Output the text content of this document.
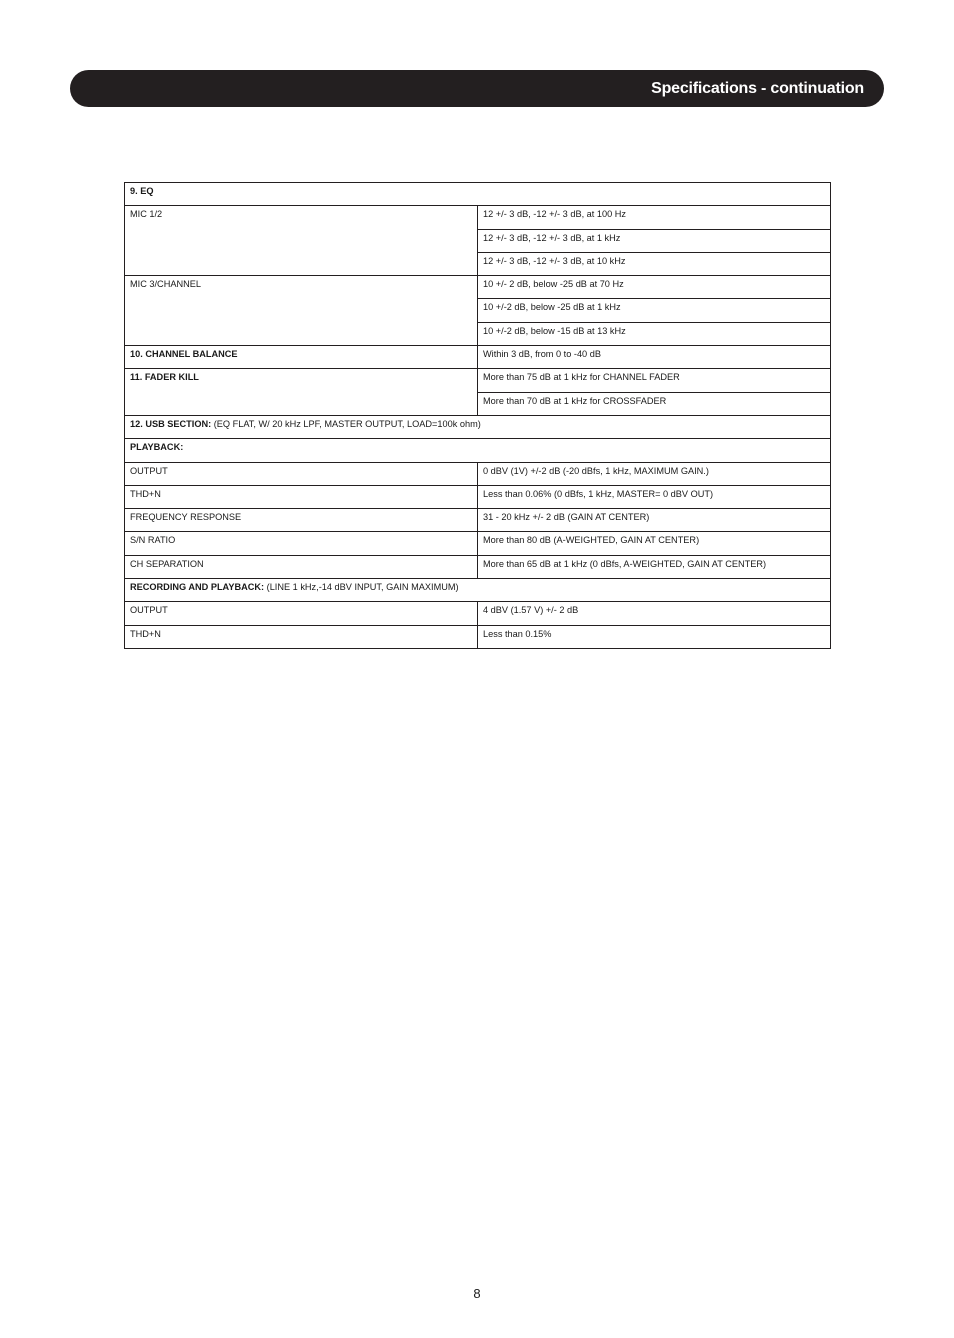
Specifications - continuation
9. EQ	
MIC 1/2	12 +/- 3 dB, -12 +/- 3 dB, at 100 Hz
	12 +/- 3 dB, -12 +/- 3 dB, at 1 kHz
	12 +/- 3 dB, -12 +/- 3 dB, at 10 kHz
MIC 3/CHANNEL	10 +/- 2 dB, below -25 dB at 70 Hz
	10 +/-2 dB, below -25 dB at 1 kHz
	10 +/-2 dB, below -15 dB at 13 kHz
10. CHANNEL BALANCE	Within 3 dB, from 0 to -40 dB
11. FADER KILL	More than 75 dB at 1 kHz for CHANNEL FADER
	More than 70 dB at 1 kHz for CROSSFADER
12. USB SECTION: (EQ FLAT, W/ 20 kHz LPF, MASTER OUTPUT, LOAD=100k ohm)	
PLAYBACK:	
OUTPUT	0 dBV (1V) +/-2 dB (-20 dBfs, 1 kHz, MAXIMUM GAIN.)
THD+N	Less than 0.06% (0 dBfs, 1 kHz, MASTER= 0 dBV OUT)
FREQUENCY RESPONSE	31 - 20 kHz +/- 2 dB (GAIN AT CENTER)
S/N RATIO	More than 80 dB (A-WEIGHTED, GAIN AT CENTER)
CH SEPARATION	More than 65 dB at 1 kHz (0 dBfs, A-WEIGHTED, GAIN AT CENTER)
RECORDING AND PLAYBACK: (LINE 1 kHz,-14 dBV INPUT, GAIN MAXIMUM)	
OUTPUT	4 dBV (1.57 V) +/- 2 dB
THD+N	Less than 0.15%
8
